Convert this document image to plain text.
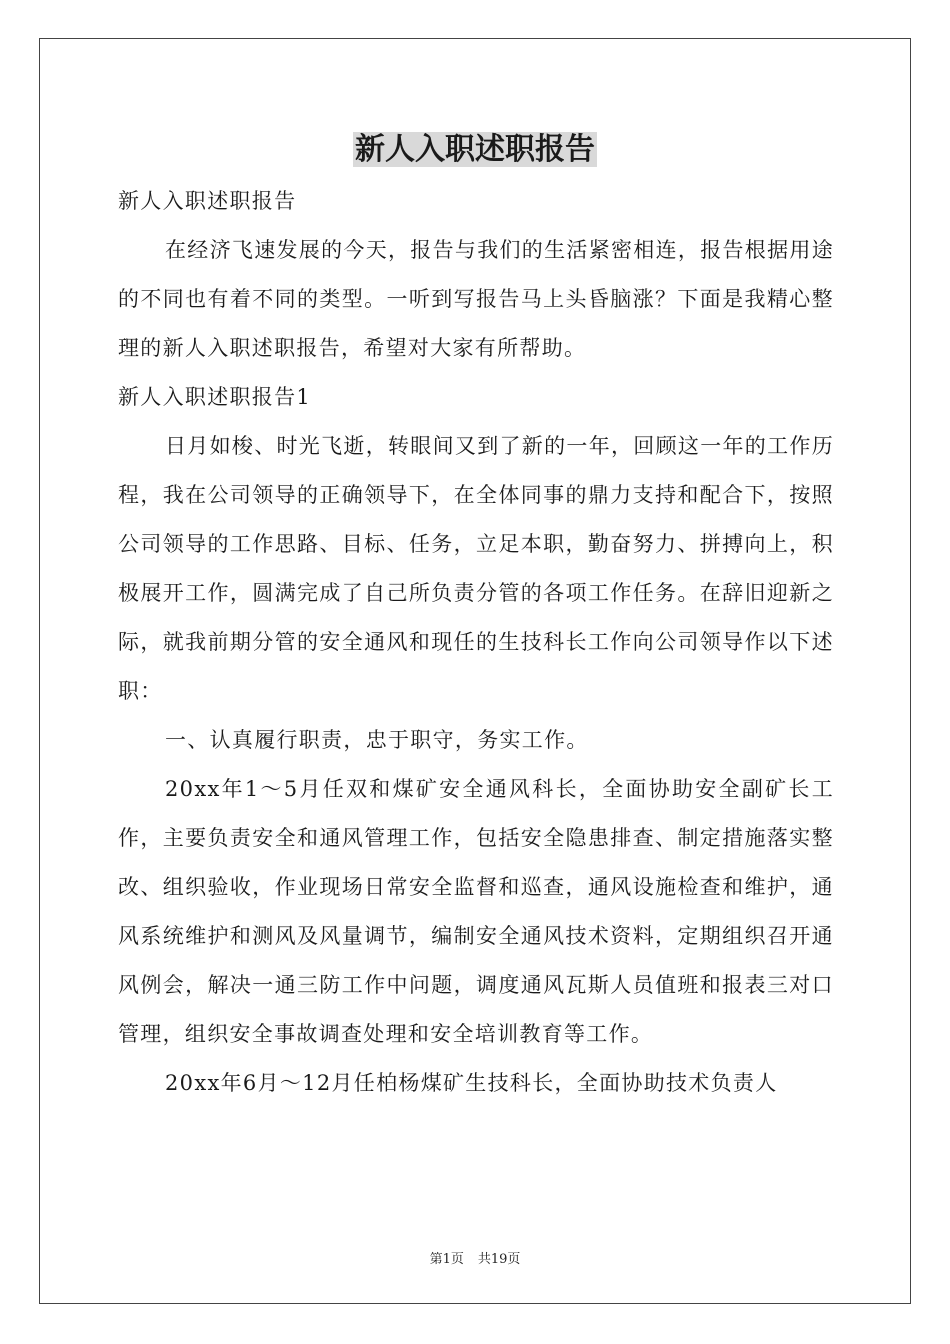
新人入职述职报告

新人入职述职报告

在经济飞速发展的今天，报告与我们的生活紧密相连，报告根据用途的不同也有着不同的类型。一听到写报告马上头昏脑涨？下面是我精心整理的新人入职述职报告，希望对大家有所帮助。

新人入职述职报告1

日月如梭、时光飞逝，转眼间又到了新的一年，回顾这一年的工作历程，我在公司领导的正确领导下，在全体同事的鼎力支持和配合下，按照公司领导的工作思路、目标、任务，立足本职，勤奋努力、拼搏向上，积极展开工作，圆满完成了自己所负责分管的各项工作任务。在辞旧迎新之际，就我前期分管的安全通风和现任的生技科长工作向公司领导作以下述职：

一、认真履行职责，忠于职守，务实工作。

20xx年1～5月任双和煤矿安全通风科长，全面协助安全副矿长工作，主要负责安全和通风管理工作，包括安全隐患排查、制定措施落实整改、组织验收，作业现场日常安全监督和巡查，通风设施检查和维护，通风系统维护和测风及风量调节，编制安全通风技术资料，定期组织召开通风例会，解决一通三防工作中问题，调度通风瓦斯人员值班和报表三对口管理，组织安全事故调查处理和安全培训教育等工作。

20xx年6月～12月任柏杨煤矿生技科长，全面协助技术负责人

第1页 共19页
